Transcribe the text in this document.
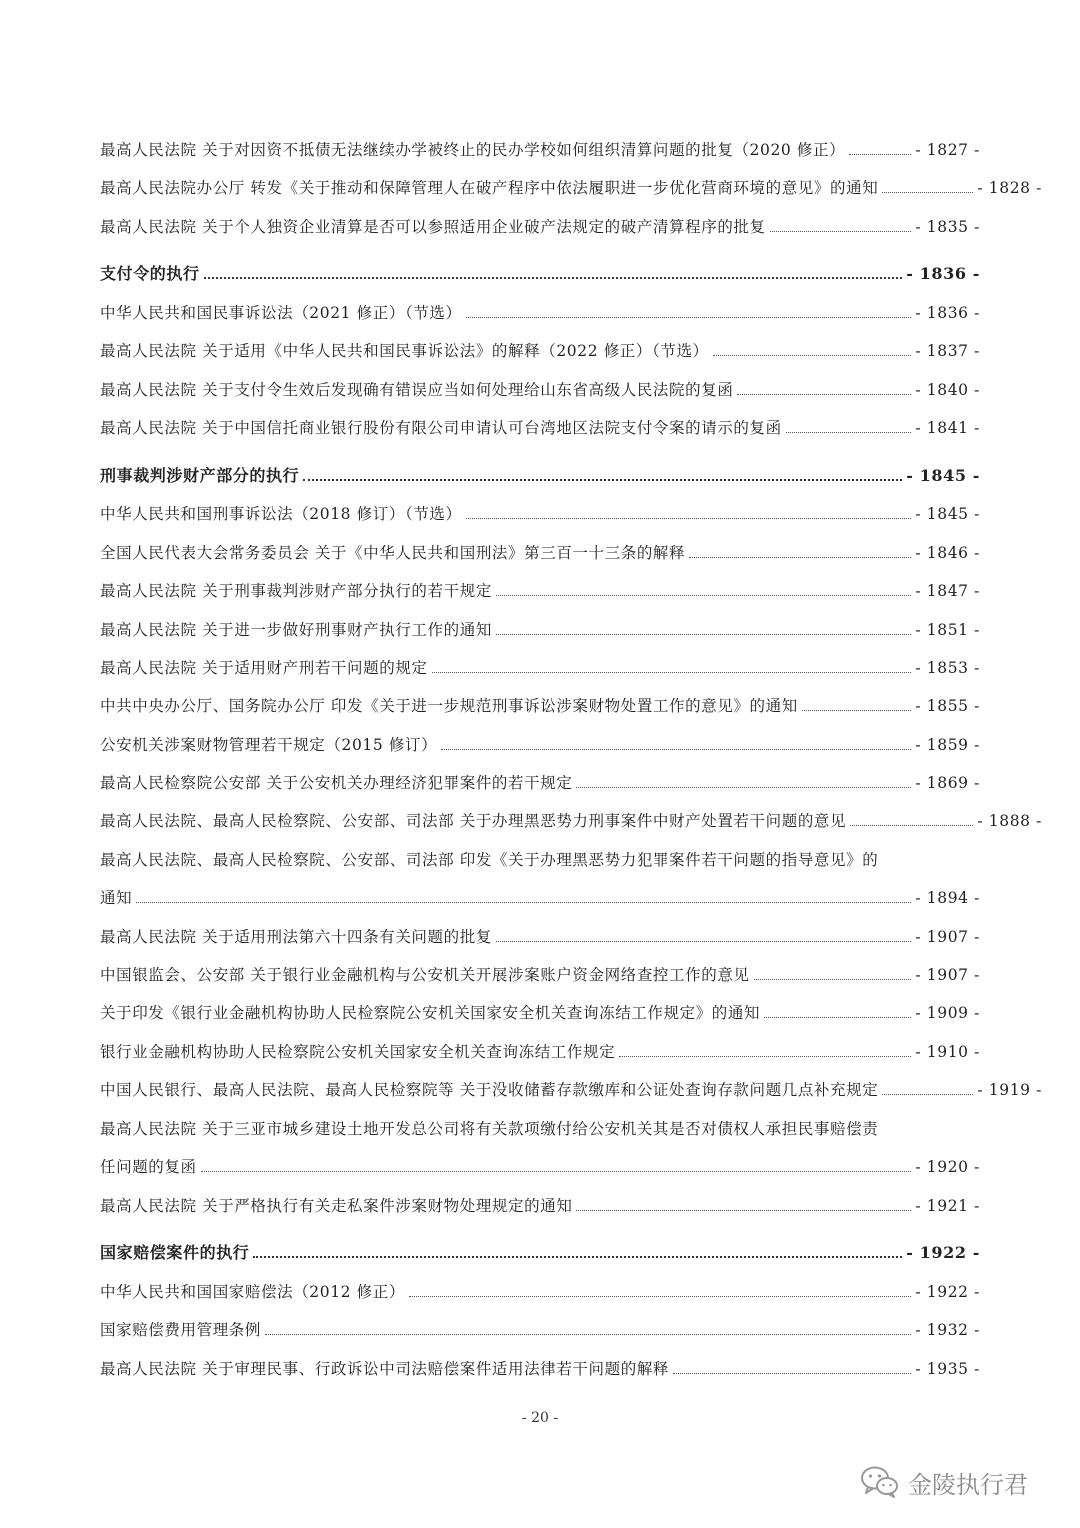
最高人民法院 关于对因资不抵债无法继续办学被终止的民办学校如何组织清算问题的批复（2020 修正）	- 1827 -
最高人民法院办公厅 转发《关于推动和保障管理人在破产程序中依法履职进一步优化营商环境的意见》的通知	- 1828 -
最高人民法院 关于个人独资企业清算是否可以参照适用企业破产法规定的破产清算程序的批复	- 1835 -
支付令的执行	- 1836 -
中华人民共和国民事诉讼法（2021 修正）（节选）	- 1836 -
最高人民法院 关于适用《中华人民共和国民事诉讼法》的解释（2022 修正）（节选）	- 1837 -
最高人民法院 关于支付令生效后发现确有错误应当如何处理给山东省高级人民法院的复函	- 1840 -
最高人民法院 关于中国信托商业银行股份有限公司申请认可台湾地区法院支付令案的请示的复函	- 1841 -
刑事裁判涉财产部分的执行	- 1845 -
中华人民共和国刑事诉讼法（2018 修订）（节选）	- 1845 -
全国人民代表大会常务委员会 关于《中华人民共和国刑法》第三百一十三条的解释	- 1846 -
最高人民法院 关于刑事裁判涉财产部分执行的若干规定	- 1847 -
最高人民法院 关于进一步做好刑事财产执行工作的通知	- 1851 -
最高人民法院 关于适用财产刑若干问题的规定	- 1853 -
中共中央办公厅、国务院办公厅 印发《关于进一步规范刑事诉讼涉案财物处置工作的意见》的通知	- 1855 -
公安机关涉案财物管理若干规定（2015 修订）	- 1859 -
最高人民检察院公安部 关于公安机关办理经济犯罪案件的若干规定	- 1869 -
最高人民法院、最高人民检察院、公安部、司法部 关于办理黑恶势力刑事案件中财产处置若干问题的意见	- 1888 -
最高人民法院、最高人民检察院、公安部、司法部 印发《关于办理黑恶势力犯罪案件若干问题的指导意见》的
通知	- 1894 -
最高人民法院 关于适用刑法第六十四条有关问题的批复	- 1907 -
中国银监会、公安部 关于银行业金融机构与公安机关开展涉案账户资金网络查控工作的意见	- 1907 -
关于印发《银行业金融机构协助人民检察院公安机关国家安全机关查询冻结工作规定》的通知	- 1909 -
银行业金融机构协助人民检察院公安机关国家安全机关查询冻结工作规定	- 1910 -
中国人民银行、最高人民法院、最高人民检察院等 关于没收储蓄存款缴库和公证处查询存款问题几点补充规定	- 1919 -
最高人民法院 关于三亚市城乡建设土地开发总公司将有关款项缴付给公安机关其是否对债权人承担民事赔偿责
任问题的复函	- 1920 -
最高人民法院 关于严格执行有关走私案件涉案财物处理规定的通知	- 1921 -
国家赔偿案件的执行	- 1922 -
中华人民共和国国家赔偿法（2012 修正）	- 1922 -
国家赔偿费用管理条例	- 1932 -
最高人民法院 关于审理民事、行政诉讼中司法赔偿案件适用法律若干问题的解释	- 1935 -
- 20 -
金陵执行君
